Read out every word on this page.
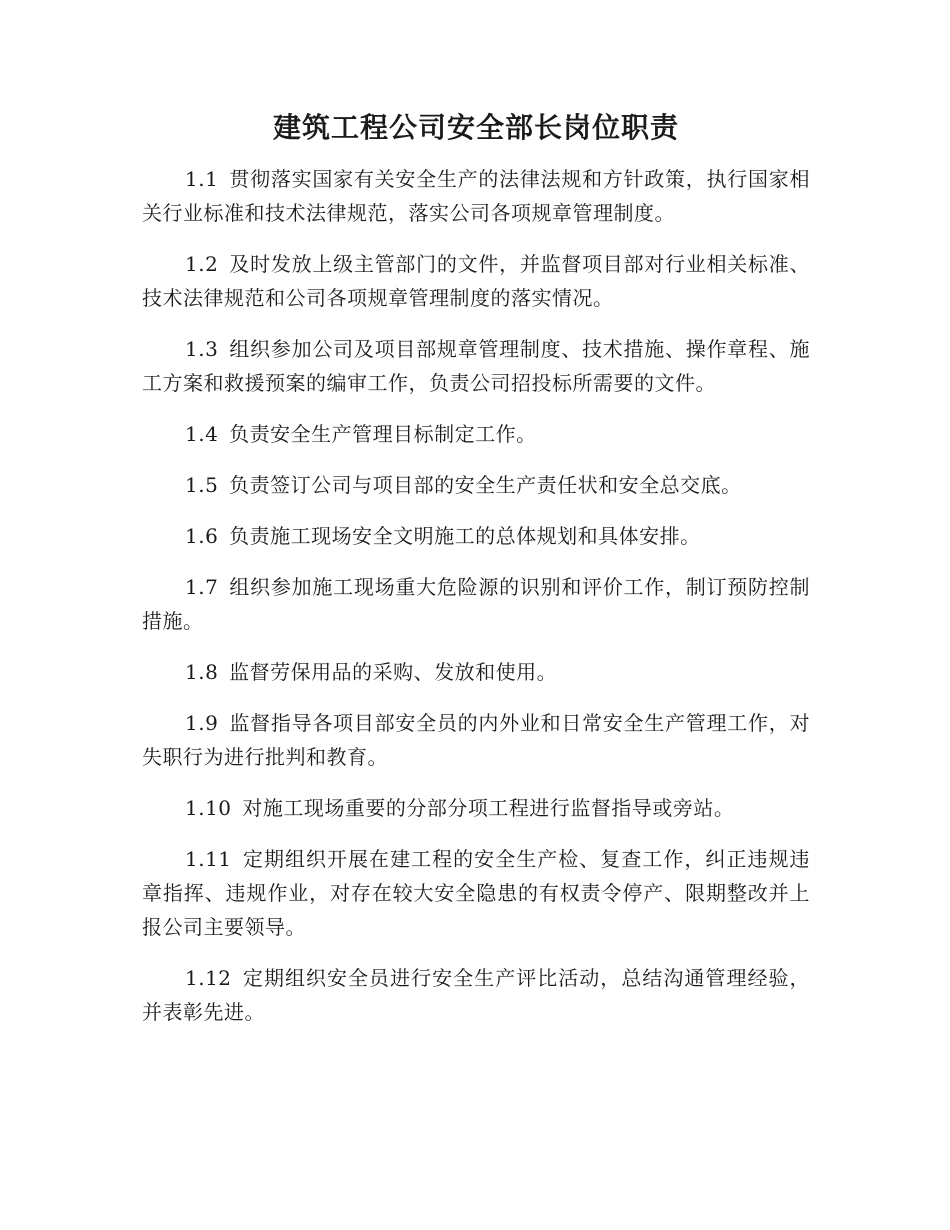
建筑工程公司安全部长岗位职责

1.1 贯彻落实国家有关安全生产的法律法规和方针政策，执行国家相关行业标准和技术法律规范，落实公司各项规章管理制度。

1.2 及时发放上级主管部门的文件，并监督项目部对行业相关标准、技术法律规范和公司各项规章管理制度的落实情况。

1.3 组织参加公司及项目部规章管理制度、技术措施、操作章程、施工方案和救援预案的编审工作，负责公司招投标所需要的文件。

1.4 负责安全生产管理目标制定工作。

1.5 负责签订公司与项目部的安全生产责任状和安全总交底。

1.6 负责施工现场安全文明施工的总体规划和具体安排。

1.7 组织参加施工现场重大危险源的识别和评价工作，制订预防控制措施。

1.8 监督劳保用品的采购、发放和使用。

1.9 监督指导各项目部安全员的内外业和日常安全生产管理工作，对失职行为进行批判和教育。

1.10 对施工现场重要的分部分项工程进行监督指导或旁站。

1.11 定期组织开展在建工程的安全生产检、复查工作，纠正违规违章指挥、违规作业，对存在较大安全隐患的有权责令停产、限期整改并上报公司主要领导。

1.12 定期组织安全员进行安全生产评比活动，总结沟通管理经验，并表彰先进。
